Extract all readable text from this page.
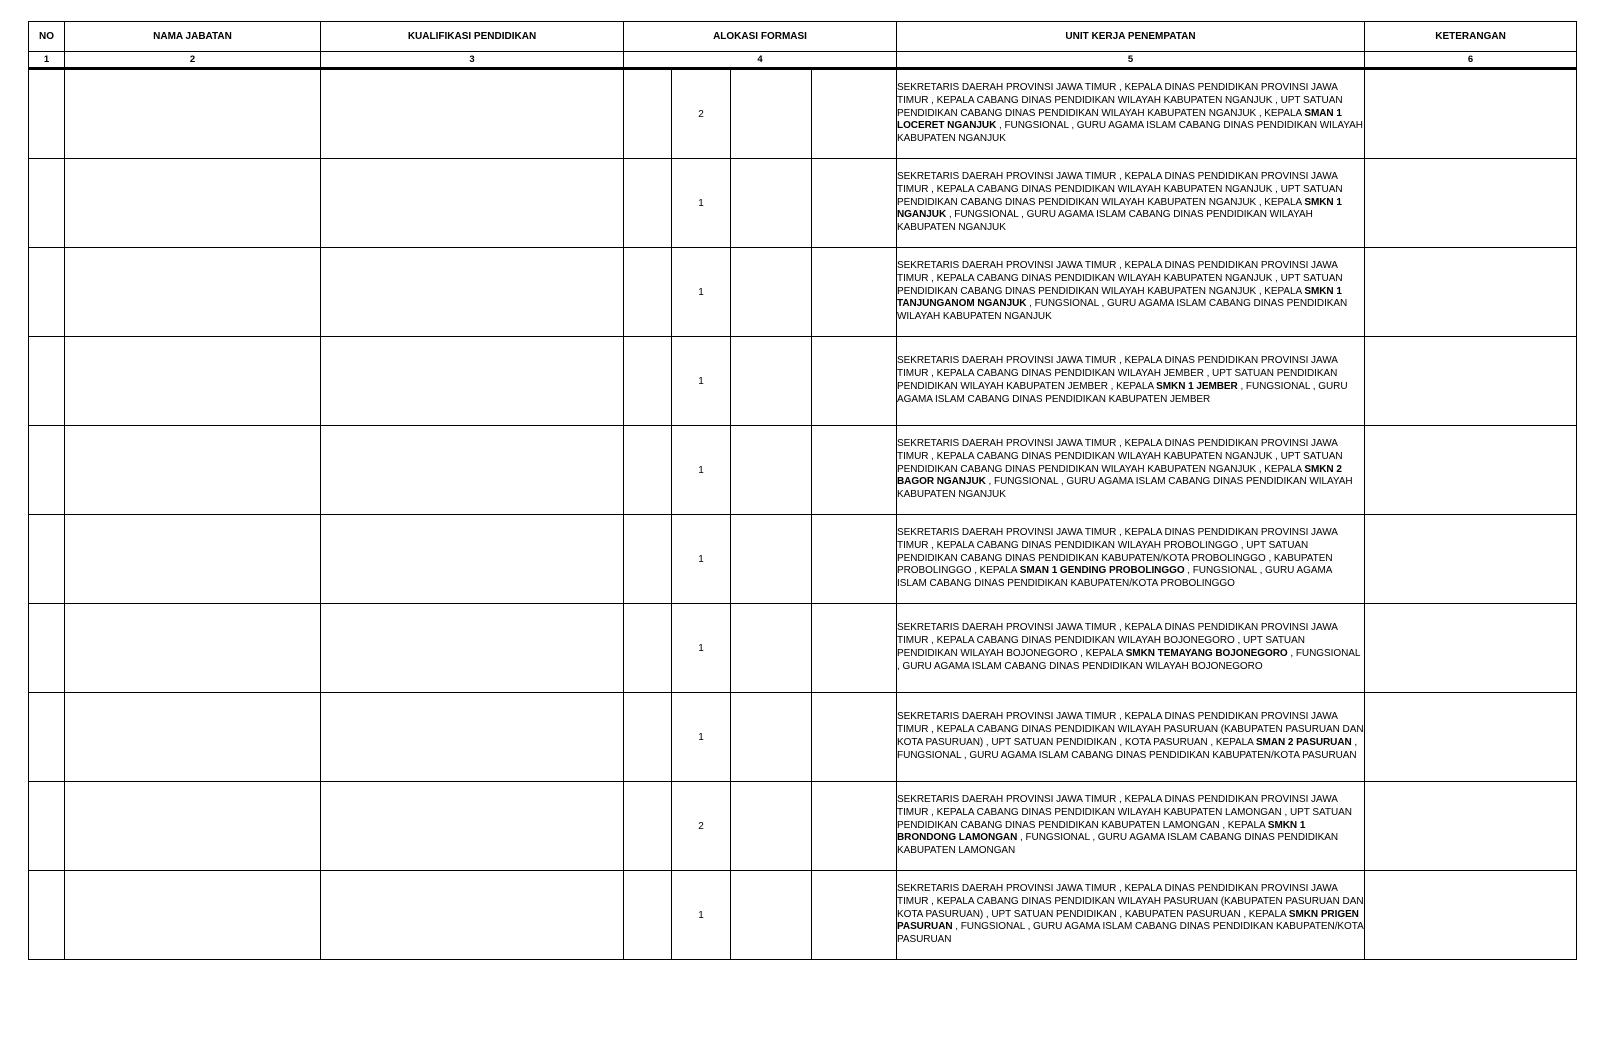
NO	NAMA JABATAN	KUALIFIKASI PENDIDIKAN	ALOKASI FORMASI				UNIT KERJA PENEMPATAN	KETERANGAN
1	2	3	4				5	6
				2			SEKRETARIS DAERAH PROVINSI JAWA TIMUR , KEPALA DINAS PENDIDIKAN PROVINSI JAWA TIMUR , KEPALA CABANG DINAS PENDIDIKAN WILAYAH KABUPATEN NGANJUK , UPT SATUAN PENDIDIKAN CABANG DINAS PENDIDIKAN WILAYAH KABUPATEN NGANJUK , KEPALA SMAN 1 LOCERET NGANJUK , FUNGSIONAL , GURU AGAMA ISLAM CABANG DINAS PENDIDIKAN WILAYAH KABUPATEN NGANJUK	
				1			SEKRETARIS DAERAH PROVINSI JAWA TIMUR , KEPALA DINAS PENDIDIKAN PROVINSI JAWA TIMUR , KEPALA CABANG DINAS PENDIDIKAN WILAYAH KABUPATEN NGANJUK , UPT SATUAN PENDIDIKAN CABANG DINAS PENDIDIKAN WILAYAH KABUPATEN NGANJUK , KEPALA SMKN 1 NGANJUK , FUNGSIONAL , GURU AGAMA ISLAM CABANG DINAS PENDIDIKAN WILAYAH KABUPATEN NGANJUK	
				1			SEKRETARIS DAERAH PROVINSI JAWA TIMUR , KEPALA DINAS PENDIDIKAN PROVINSI JAWA TIMUR , KEPALA CABANG DINAS PENDIDIKAN WILAYAH KABUPATEN NGANJUK , UPT SATUAN PENDIDIKAN CABANG DINAS PENDIDIKAN WILAYAH KABUPATEN NGANJUK , KEPALA SMKN 1 TANJUNGANOM NGANJUK , FUNGSIONAL , GURU AGAMA ISLAM CABANG DINAS PENDIDIKAN WILAYAH KABUPATEN NGANJUK	
				1			SEKRETARIS DAERAH PROVINSI JAWA TIMUR , KEPALA DINAS PENDIDIKAN PROVINSI JAWA TIMUR , KEPALA CABANG DINAS PENDIDIKAN WILAYAH JEMBER , UPT SATUAN PENDIDIKAN PENDIDIKAN WILAYAH KABUPATEN JEMBER , KEPALA SMKN 1 JEMBER , FUNGSIONAL , GURU AGAMA ISLAM CABANG DINAS PENDIDIKAN KABUPATEN JEMBER	
				1			SEKRETARIS DAERAH PROVINSI JAWA TIMUR , KEPALA DINAS PENDIDIKAN PROVINSI JAWA TIMUR , KEPALA CABANG DINAS PENDIDIKAN WILAYAH KABUPATEN NGANJUK , UPT SATUAN PENDIDIKAN CABANG DINAS PENDIDIKAN WILAYAH KABUPATEN NGANJUK , KEPALA SMKN 2 BAGOR NGANJUK , FUNGSIONAL , GURU AGAMA ISLAM CABANG DINAS PENDIDIKAN WILAYAH KABUPATEN NGANJUK	
				1			SEKRETARIS DAERAH PROVINSI JAWA TIMUR , KEPALA DINAS PENDIDIKAN PROVINSI JAWA TIMUR , KEPALA CABANG DINAS PENDIDIKAN WILAYAH PROBOLINGGO , UPT SATUAN PENDIDIKAN CABANG DINAS PENDIDIKAN KABUPATEN/KOTA PROBOLINGGO , KABUPATEN PROBOLINGGO , KEPALA SMAN 1 GENDING PROBOLINGGO , FUNGSIONAL , GURU AGAMA ISLAM CABANG DINAS PENDIDIKAN KABUPATEN/KOTA PROBOLINGGO	
				1			SEKRETARIS DAERAH PROVINSI JAWA TIMUR , KEPALA DINAS PENDIDIKAN PROVINSI JAWA TIMUR , KEPALA CABANG DINAS PENDIDIKAN WILAYAH BOJONEGORO , UPT SATUAN PENDIDIKAN WILAYAH BOJONEGORO , KEPALA SMKN TEMAYANG BOJONEGORO , FUNGSIONAL , GURU AGAMA ISLAM CABANG DINAS PENDIDIKAN WILAYAH BOJONEGORO	
				1			SEKRETARIS DAERAH PROVINSI JAWA TIMUR , KEPALA DINAS PENDIDIKAN PROVINSI JAWA TIMUR , KEPALA CABANG DINAS PENDIDIKAN WILAYAH PASURUAN (KABUPATEN PASURUAN DAN KOTA PASURUAN) , UPT SATUAN PENDIDIKAN , KOTA PASURUAN , KEPALA SMAN 2 PASURUAN , FUNGSIONAL , GURU AGAMA ISLAM CABANG DINAS PENDIDIKAN KABUPATEN/KOTA PASURUAN	
				2			SEKRETARIS DAERAH PROVINSI JAWA TIMUR , KEPALA DINAS PENDIDIKAN PROVINSI JAWA TIMUR , KEPALA CABANG DINAS PENDIDIKAN WILAYAH KABUPATEN LAMONGAN , UPT SATUAN PENDIDIKAN CABANG DINAS PENDIDIKAN KABUPATEN LAMONGAN , KEPALA SMKN 1 BRONDONG LAMONGAN , FUNGSIONAL , GURU AGAMA ISLAM CABANG DINAS PENDIDIKAN KABUPATEN LAMONGAN	
				1			SEKRETARIS DAERAH PROVINSI JAWA TIMUR , KEPALA DINAS PENDIDIKAN PROVINSI JAWA TIMUR , KEPALA CABANG DINAS PENDIDIKAN WILAYAH PASURUAN (KABUPATEN PASURUAN DAN KOTA PASURUAN) , UPT SATUAN PENDIDIKAN , KABUPATEN PASURUAN , KEPALA SMKN PRIGEN PASURUAN , FUNGSIONAL , GURU AGAMA ISLAM CABANG DINAS PENDIDIKAN KABUPATEN/KOTA PASURUAN	
